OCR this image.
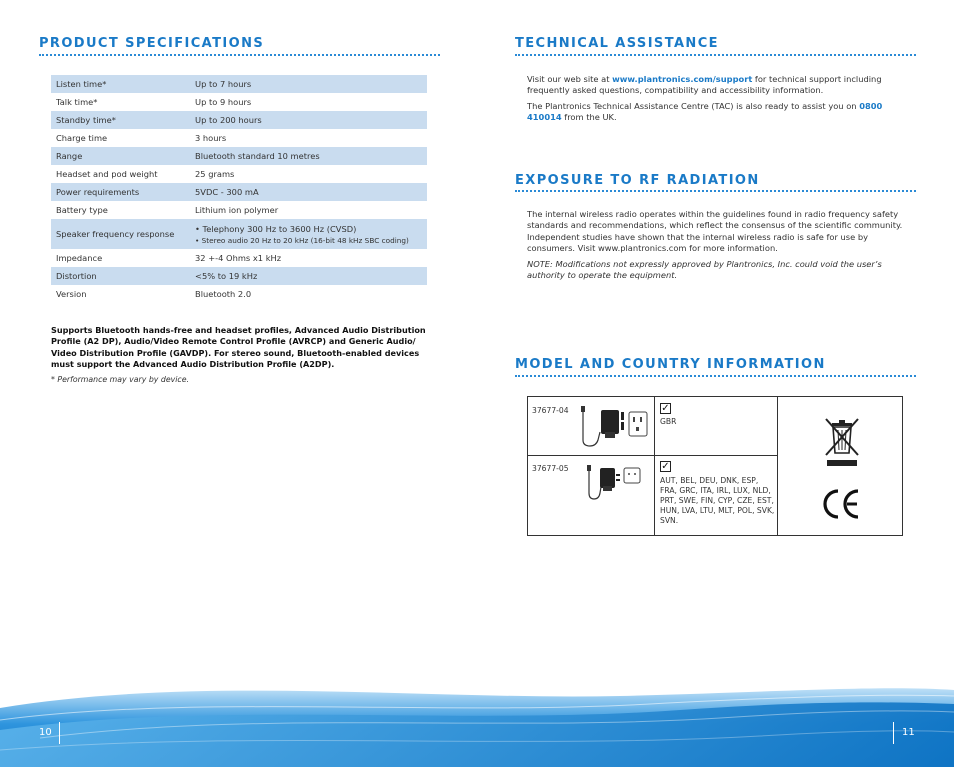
PRODUCT SPECIFICATIONS
Listen time*	Up to 7 hours
Talk time*	Up to 9 hours
Standby time*	Up to 200 hours
Charge time	3 hours
Range	Bluetooth standard 10 metres
Headset and pod weight	25 grams
Power requirements	5VDC - 300 mA
Battery type	Lithium ion polymer
Speaker frequency response	• Telephony 300 Hz to 3600 Hz (CVSD)
• Stereo audio 20 Hz to 20 kHz (16-bit 48 kHz SBC coding)

Impedance	32 +-4 Ohms x1 kHz
Distortion	<5% to 19 kHz
Version	Bluetooth 2.0

Supports Bluetooth hands-free and headset profiles, Advanced Audio Distribution Profile (A2 DP), Audio/Video Remote Control Profile (AVRCP) and Generic Audio/ Video Distribution Profile (GAVDP). For stereo sound, Bluetooth-enabled devices must support the Advanced Audio Distribution Profile (A2DP).

* Performance may vary by device.

TECHNICAL ASSISTANCE

Visit our web site at www.plantronics.com/support for technical support including frequently asked questions, compatibility and accessibility information.

The Plantronics Technical Assistance Centre (TAC) is also ready to assist you on 0800 410014 from the UK.

EXPOSURE TO RF RADIATION

The internal wireless radio operates within the guidelines found in radio frequency safety standards and recommendations, which reflect the consensus of the scientific community. Independent studies have shown that the internal wireless radio is safe for use by consumers. Visit www.plantronics.com for more information.

NOTE: Modifications not expressly approved by Plantronics, Inc. could void the user’s authority to operate the equipment.

MODEL AND COUNTRY INFORMATION
37677-04	✓
GBR
37677-05	✓
AUT, BEL, DEU, DNK, ESP, FRA, GRC, ITA, IRL, LUX, NLD, PRT, SWE, FIN, CYP, CZE, EST, HUN, LVA, LTU, MLT, POL, SVK, SVN.
10	11
